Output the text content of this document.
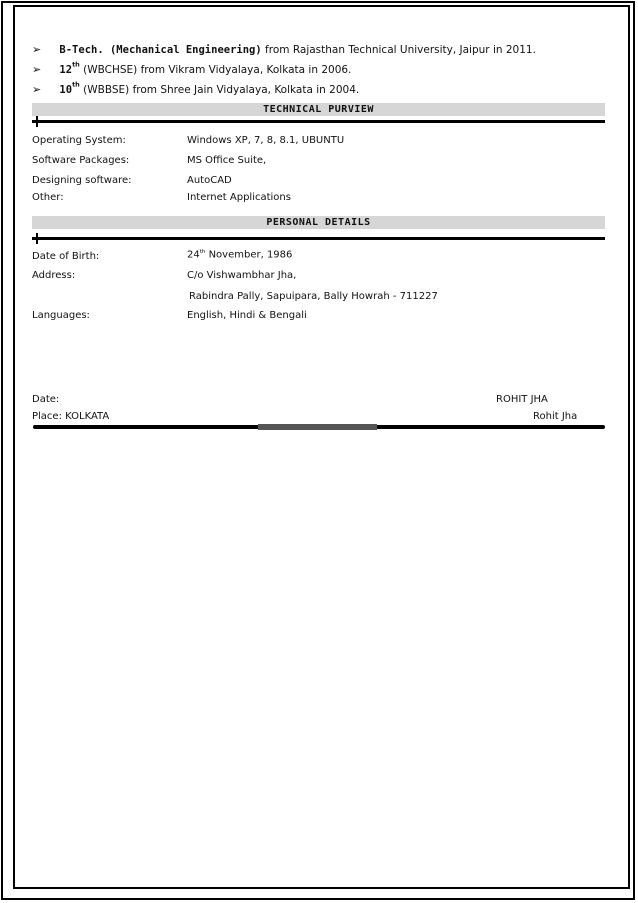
➢ B-Tech. (Mechanical Engineering) from Rajasthan Technical University, Jaipur in 2011.
➢ 12th (WBCHSE) from Vikram Vidyalaya, Kolkata in 2006.
➢ 10th (WBBSE) from Shree Jain Vidyalaya, Kolkata in 2004.
TECHNICAL PURVIEW
Operating System:	Windows XP, 7, 8, 8.1, UBUNTU
Software Packages:	MS Office Suite,
Designing software:	AutoCAD
Other:	Internet Applications
PERSONAL DETAILS
Date of Birth:	24th November, 1986
Address:	C/o Vishwambhar Jha,
Rabindra Pally, Sapuipara, Bally Howrah - 711227
Languages:	English, Hindi & Bengali
Date:	ROHIT JHA
Place: KOLKATA	Rohit Jha
